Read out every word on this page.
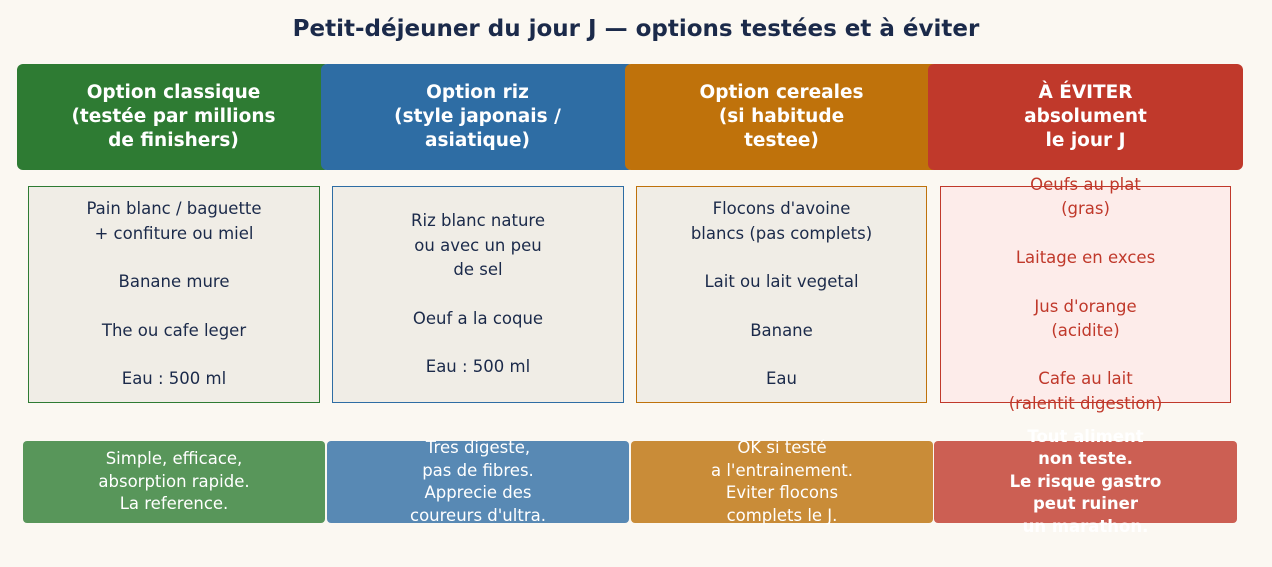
Petit-déjeuner du jour J — options testées et à éviter
Option classique
(testée par millions
de finishers)
Pain blanc / baguette
+ confiture ou miel

Banane mure

The ou cafe leger

Eau : 500 ml
Simple, efficace,
absorption rapide.
La reference.
Option riz
(style japonais /
asiatique)
Riz blanc nature
ou avec un peu
de sel

Oeuf a la coque

Eau : 500 ml
Tres digeste,
pas de fibres.
Apprecie des
coureurs d'ultra.
Option cereales
(si habitude
testee)
Flocons d'avoine
blancs (pas complets)

Lait ou lait vegetal

Banane

Eau
OK si testé
a l'entrainement.
Eviter flocons
complets le J.
À ÉVITER
absolument
le jour J
Oeufs au plat
(gras)

Laitage en exces

Jus d'orange
(acidite)

Cafe au lait
(ralentit digestion)
Tout aliment
non teste.
Le risque gastro
peut ruiner
un marathon.
